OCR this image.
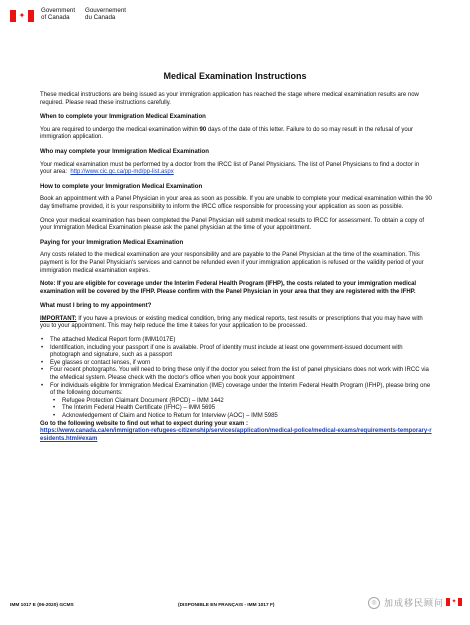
✦
Government
of Canada
Gouvernement
du Canada
Medical Examination Instructions

These medical instructions are being issued as your immigration application has reached the stage where medical examination results are now required. Please read these instructions carefully.

When to complete your Immigration Medical Examination

You are required to undergo the medical examination within 90 days of the date of this letter. Failure to do so may result in the refusal of your immigration application.

Who may complete your Immigration Medical Examination

Your medical examination must be performed by a doctor from the IRCC list of Panel Physicians. The list of Panel Physicians to find a doctor in your area: http://www.cic.gc.ca/pp-md/pp-list.aspx

How to complete your Immigration Medical Examination

Book an appointment with a Panel Physician in your area as soon as possible. If you are unable to complete your medical examination within the 90 day timeframe provided, it is your responsibility to inform the IRCC office responsible for processing your application as soon as possible.

Once your medical examination has been completed the Panel Physician will submit medical results to IRCC for assessment. To obtain a copy of your Immigration Medical Examination please ask the panel physician at the time of your appointment.

Paying for your Immigration Medical Examination

Any costs related to the medical examination are your responsibility and are payable to the Panel Physician at the time of the examination. This payment is for the Panel Physician's services and cannot be refunded even if your immigration application is refused or the validity period of your immigration medical examination expires.

Note: If you are eligible for coverage under the Interim Federal Health Program (IFHP), the costs related to your immigration medical examination will be covered by the IFHP. Please confirm with the Panel Physician in your area that they are registered with the IFHP.

What must I bring to my appointment?

IMPORTANT: If you have a previous or existing medical condition, bring any medical reports, test results or prescriptions that you may have with you to your appointment. This may help reduce the time it takes for your application to be processed.

• The attached Medical Report form (IMM1017E)
• Identification, including your passport if one is available. Proof of identity must include at least one government-issued document with photograph and signature, such as a passport
• Eye glasses or contact lenses, if worn
• Four recent photographs. You will need to bring these only if the doctor you select from the list of panel physicians does not work with IRCC via the eMedical system. Please check with the doctor's office when you book your appointment
• For individuals eligible for Immigration Medical Examination (IME) coverage under the Interim Federal Health Program (IFHP), please bring one of the following documents:
• Refugee Protection Claimant Document (RPCD) – IMM 1442
• The Interim Federal Health Certificate (IFHC) – IMM 5695
• Acknowledgement of Claim and Notice to Return for Interview (AOC) – IMM 5985
Go to the following website to find out what to expect during your exam :
https://www.canada.ca/en/immigration-refugees-citizenship/services/application/medical-police/medical-exams/requirements-temporary-residents.html#exam
IMM 1017 E (06-2020) GCMS	(DISPONIBLE EN FRANÇAIS - IMM 1017 F)	◎ 加成移民顾问 ✦
